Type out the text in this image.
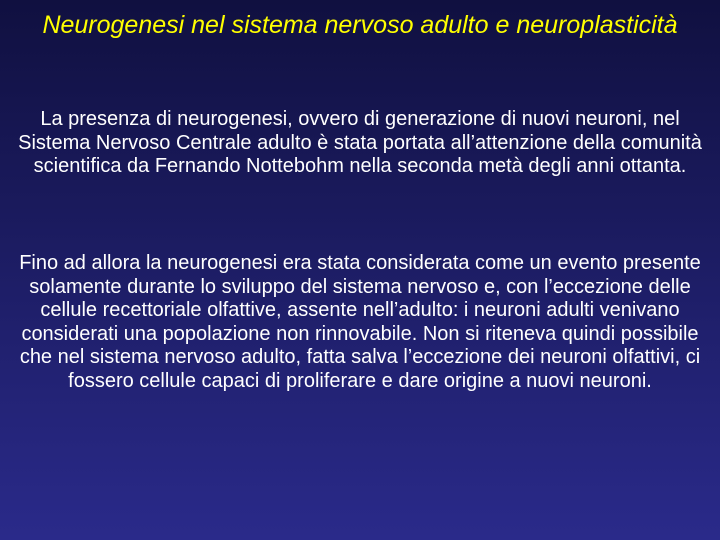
Neurogenesi nel sistema nervoso adulto e neuroplasticità

La presenza di neurogenesi, ovvero di generazione di nuovi neuroni, nel Sistema Nervoso Centrale adulto è stata portata all’attenzione della comunità scientifica da Fernando Nottebohm nella seconda metà degli anni ottanta.

Fino ad allora la neurogenesi era stata considerata come un evento presente solamente durante lo sviluppo del sistema nervoso e, con l’eccezione delle cellule recettoriale olfattive, assente nell’adulto: i neuroni adulti venivano considerati una popolazione non rinnovabile. Non si riteneva quindi possibile che nel sistema nervoso adulto, fatta salva l’eccezione dei neuroni olfattivi, ci fossero cellule capaci di proliferare e dare origine a nuovi neuroni.
